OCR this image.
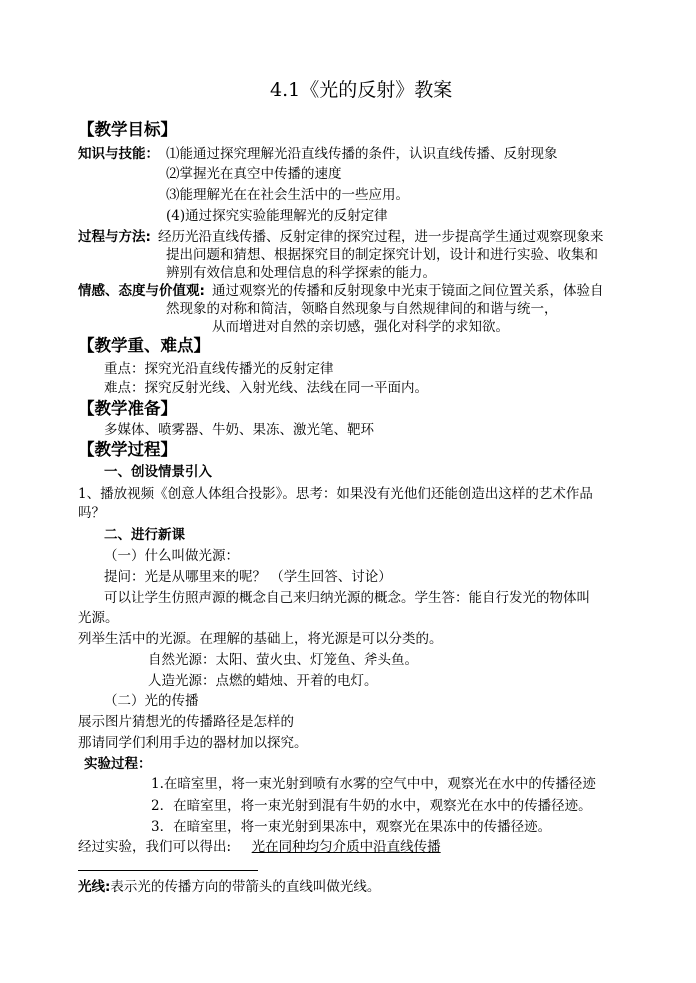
4.1《光的反射》教案
【教学目标】
知识与技能： ⑴能通过探究理解光沿直线传播的条件，认识直线传播、反射现象
⑵掌握光在真空中传播的速度
⑶能理解光在在社会生活中的一些应用。
(4)通过探究实验能理解光的反射定律
过程与方法: 经历光沿直线传播、反射定律的探究过程，进一步提高学生通过观察现象来
提出问题和猜想、根据探究目的制定探究计划，设计和进行实验、收集和
辨别有效信息和处理信息的科学探索的能力。
情感、态度与价值观: 通过观察光的传播和反射现象中光束于镜面之间位置关系，体验自
然现象的对称和简洁，领略自然现象与自然规律间的和谐与统一，
从而增进对自然的亲切感，强化对科学的求知欲。
【教学重、难点】
重点：探究光沿直线传播光的反射定律
难点：探究反射光线、入射光线、法线在同一平面内。
【教学准备】
多媒体、喷雾器、牛奶、果冻、激光笔、靶环
【教学过程】
一、创设情景引入
1、播放视频《创意人体组合投影》。思考：如果没有光他们还能创造出这样的艺术作品
吗？
二、进行新课
（一）什么叫做光源：
提问：光是从哪里来的呢？ （学生回答、讨论）
可以让学生仿照声源的概念自己来归纳光源的概念。学生答：能自行发光的物体叫
光源。
列举生活中的光源。在理解的基础上，将光源是可以分类的。
自然光源：太阳、萤火虫、灯笼鱼、斧头鱼。
人造光源：点燃的蜡烛、开着的电灯。
（二）光的传播
展示图片猜想光的传播路径是怎样的
那请同学们利用手边的器材加以探究。
实验过程：
1.在暗室里，将一束光射到喷有水雾的空气中中，观察光在水中的传播径迹
2．在暗室里，将一束光射到混有牛奶的水中，观察光在水中的传播径迹。
3．在暗室里，将一束光射到果冻中，观察光在果冻中的传播径迹。
经过实验，我们可以得出: 光在同种均匀介质中沿直线传播
光线:表示光的传播方向的带箭头的直线叫做光线。
